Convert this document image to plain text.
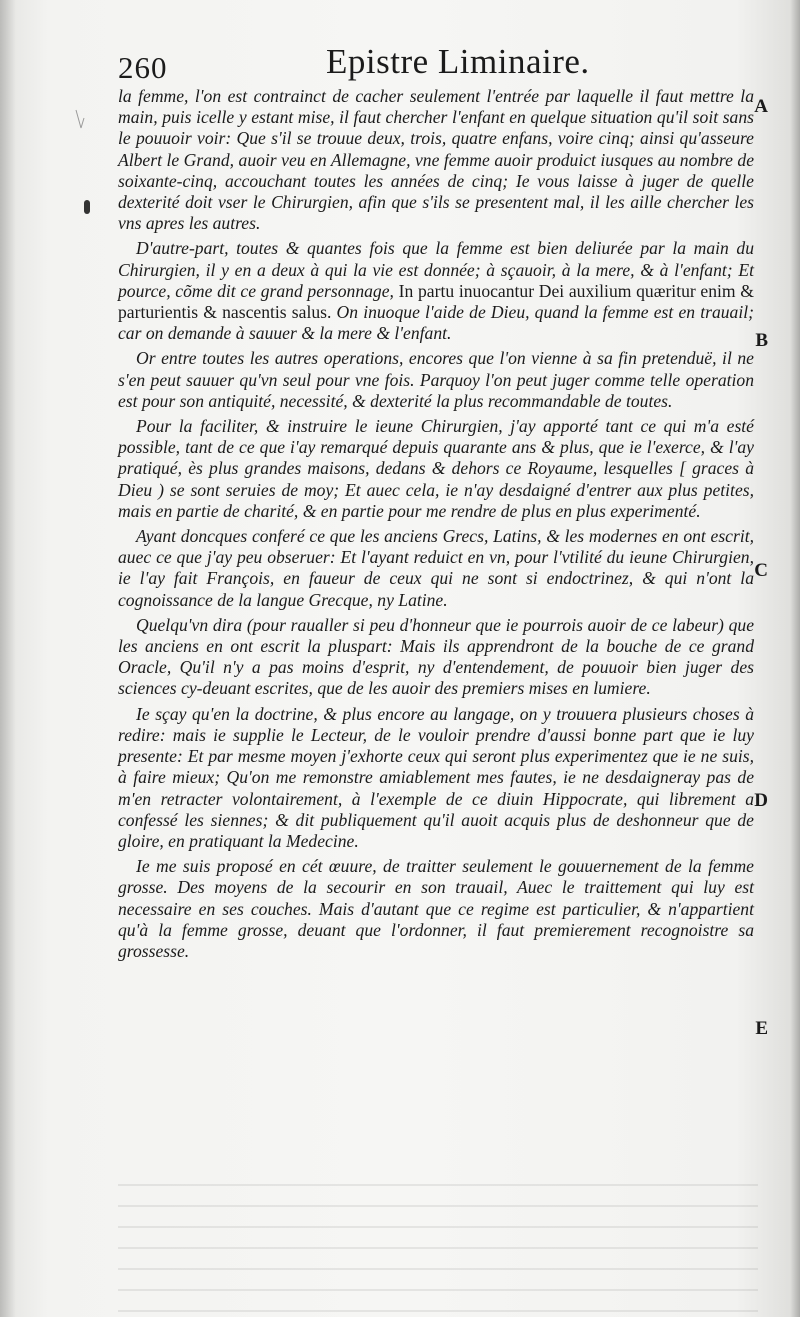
260	Epistre Liminaire.
A
B
C
D
E

la femme, l'on est contrainct de cacher seulement l'entrée par laquelle il faut mettre la main, puis icelle y estant mise, il faut chercher l'enfant en quelque situation qu'il soit sans le pouuoir voir: Que s'il se trouue deux, trois, quatre enfans, voire cinq; ainsi qu'asseure Albert le Grand, auoir veu en Allemagne, vne femme auoir produict iusques au nombre de soixante-cinq, accouchant toutes les années de cinq; Ie vous laisse à juger de quelle dexterité doit vser le Chirurgien, afin que s'ils se presentent mal, il les aille chercher les vns apres les autres.

D'autre-part, toutes & quantes fois que la femme est bien deliurée par la main du Chirurgien, il y en a deux à qui la vie est donnée; à sçauoir, à la mere, & à l'enfant; Et pource, cõme dit ce grand personnage, In partu inuocantur Dei auxilium quæritur enim & parturientis & nascentis salus. On inuoque l'aide de Dieu, quand la femme est en trauail; car on demande à sauuer & la mere & l'enfant.

Or entre toutes les autres operations, encores que l'on vienne à sa fin pretenduë, il ne s'en peut sauuer qu'vn seul pour vne fois. Parquoy l'on peut juger comme telle operation est pour son antiquité, necessité, & dexterité la plus recommandable de toutes.

Pour la faciliter, & instruire le ieune Chirurgien, j'ay apporté tant ce qui m'a esté possible, tant de ce que i'ay remarqué depuis quarante ans & plus, que ie l'exerce, & l'ay pratiqué, ès plus grandes maisons, dedans & dehors ce Royaume, lesquelles [ graces à Dieu ) se sont seruies de moy; Et auec cela, ie n'ay desdaigné d'entrer aux plus petites, mais en partie de charité, & en partie pour me rendre de plus en plus experimenté.

Ayant doncques conferé ce que les anciens Grecs, Latins, & les modernes en ont escrit, auec ce que j'ay peu obseruer: Et l'ayant reduict en vn, pour l'vtilité du ieune Chirurgien, ie l'ay fait François, en faueur de ceux qui ne sont si endoctrinez, & qui n'ont la cognoissance de la langue Grecque, ny Latine.

Quelqu'vn dira (pour raualler si peu d'honneur que ie pourrois auoir de ce labeur) que les anciens en ont escrit la pluspart: Mais ils apprendront de la bouche de ce grand Oracle, Qu'il n'y a pas moins d'esprit, ny d'entendement, de pouuoir bien juger des sciences cy-deuant escrites, que de les auoir des premiers mises en lumiere.

Ie sçay qu'en la doctrine, & plus encore au langage, on y trouuera plusieurs choses à redire: mais ie supplie le Lecteur, de le vouloir prendre d'aussi bonne part que ie luy presente: Et par mesme moyen j'exhorte ceux qui seront plus experimentez que ie ne suis, à faire mieux; Qu'on me remonstre amiablement mes fautes, ie ne desdaigneray pas de m'en retracter volontairement, à l'exemple de ce diuin Hippocrate, qui librement a confessé les siennes; & dit publiquement qu'il auoit acquis plus de deshonneur que de gloire, en pratiquant la Medecine.

Ie me suis proposé en cét œuure, de traitter seulement le gouuernement de la femme grosse. Des moyens de la secourir en son trauail, Auec le traittement qui luy est necessaire en ses couches. Mais d'autant que ce regime est particulier, & n'appartient qu'à la femme grosse, deuant que l'ordonner, il faut premierement recognoistre sa grossesse.
